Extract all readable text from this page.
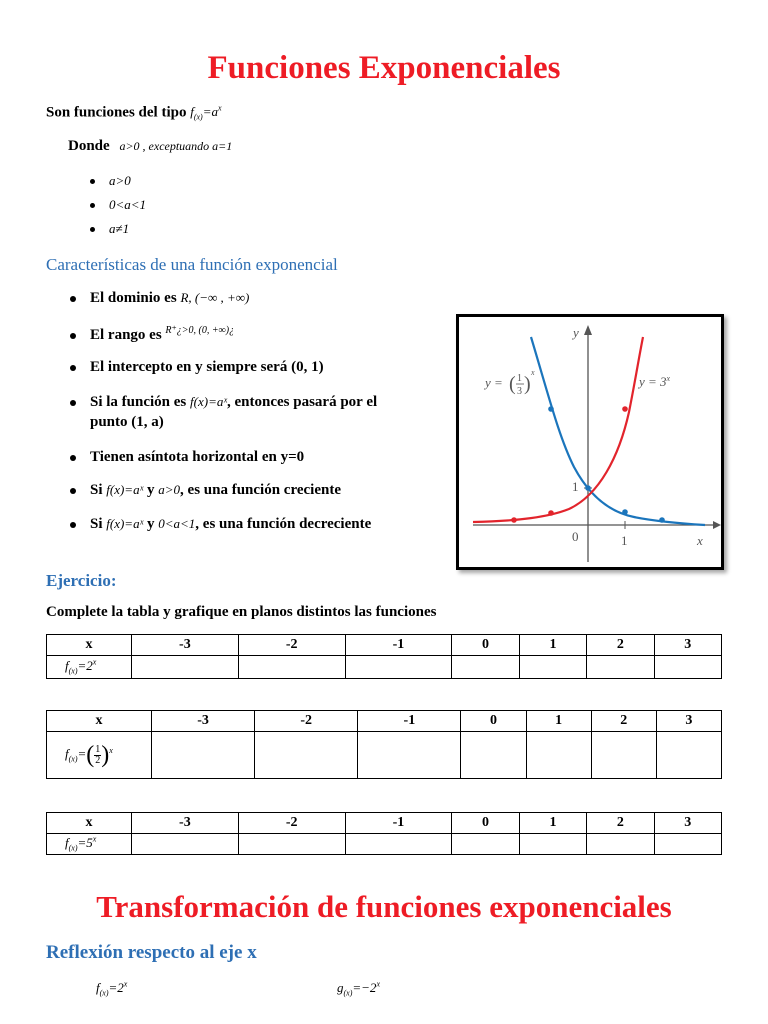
Funciones Exponenciales
Son funciones del tipo $f_{(x)}=a^x$
Donde a>0 , exceptuando a=1
a>0
0<a<1
a≠1
Características de una función exponencial
El dominio es R, (−∞ , +∞)
El rango es $^{R^+¿>0, (0, +\infty)¿}$
El intercepto en y siempre será (0, 1)
Si la función es f(x)=aˣ, entonces pasará por el
punto (1, a)
Tienen asíntota horizontal en y=0
Si f(x)=aˣ y a>0, es una función creciente
Si f(x)=aˣ y 0<a<1, es una función decreciente
y
x
0	1
1
$y = 3^x$
y = ( 1
3 )
x
Ejercicio:
Complete la tabla y grafique en planos distintos las funciones
x	-3	-2	-1	0	1	2	3
$f_{(x)}=2^x$							
x	-3	-2	-1	0	1	2	3
$f_{(x)}=( \frac{1}{2} )^x$							
x	-3	-2	-1	0	1	2	3
$f_{(x)}=5^x$							
Transformación de funciones exponenciales
Reflexión respecto al eje x
$f_{(x)}=2^x$	$g_{(x)}=-2^x$
